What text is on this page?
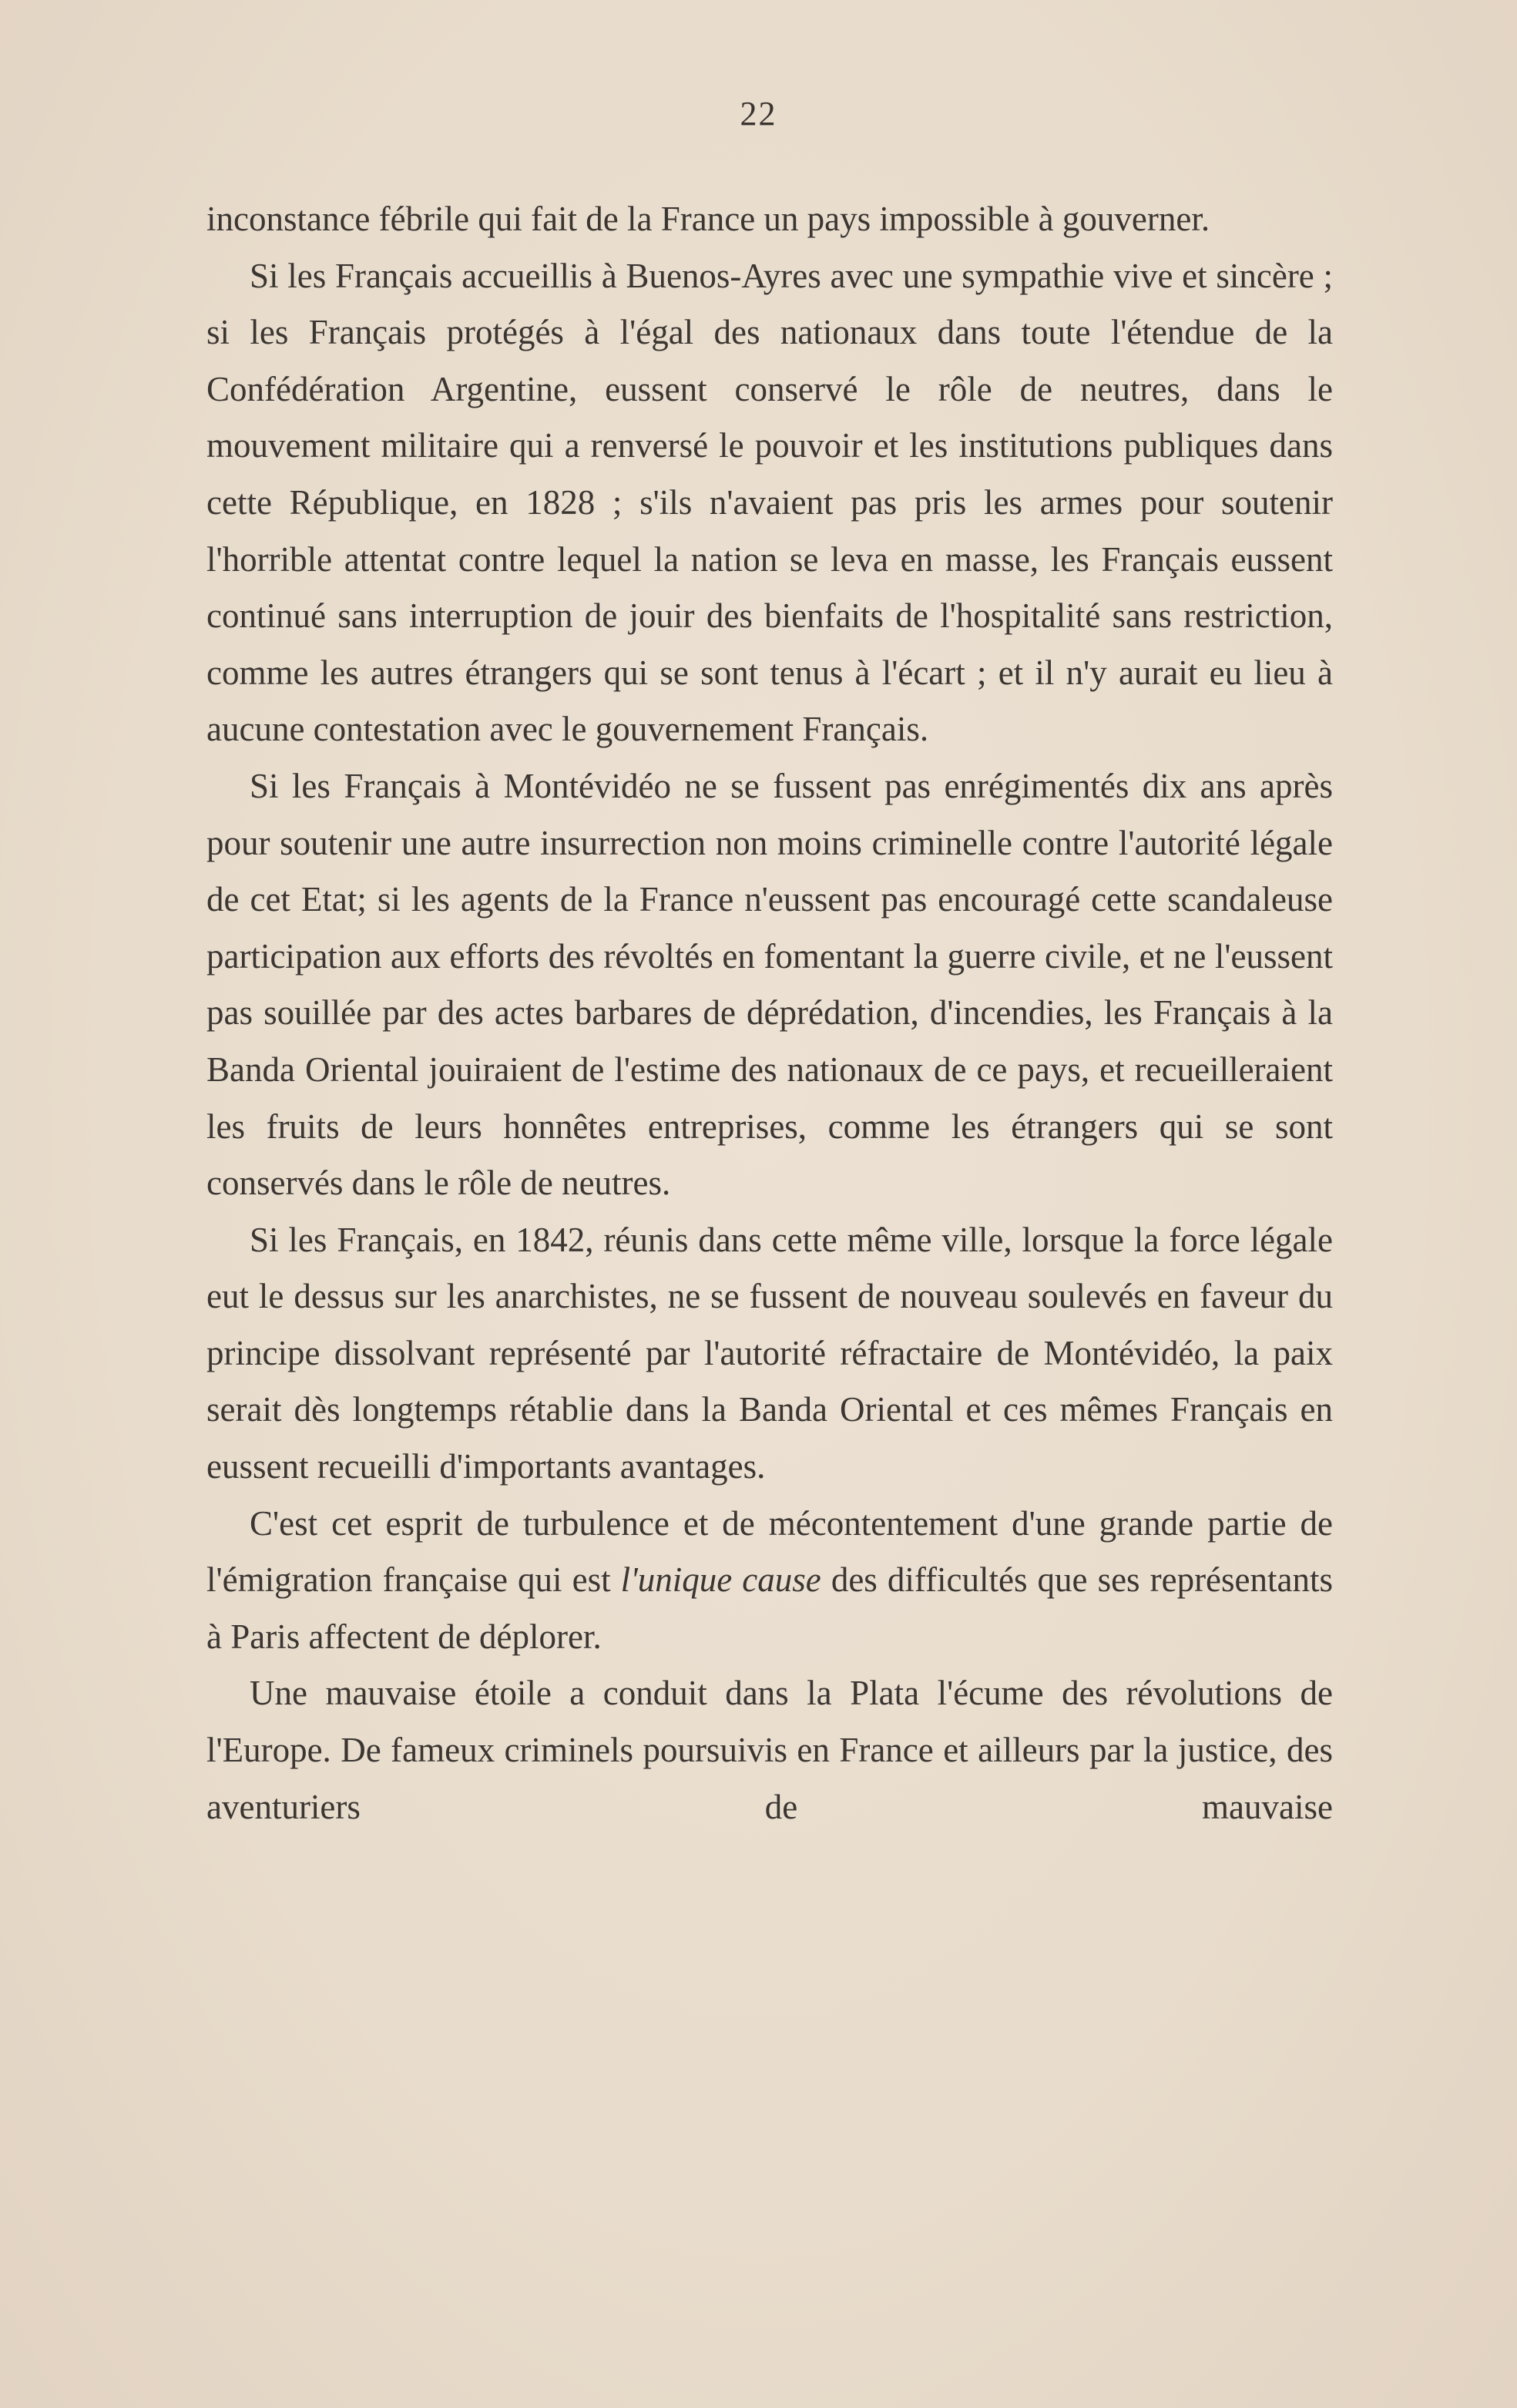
22

inconstance fébrile qui fait de la France un pays impossible à gouverner.

Si les Français accueillis à Buenos-Ayres avec une sympathie vive et sincère ; si les Français protégés à l'égal des nationaux dans toute l'étendue de la Confédération Argentine, eussent conservé le rôle de neutres, dans le mouvement militaire qui a renversé le pouvoir et les institutions publiques dans cette République, en 1828 ; s'ils n'avaient pas pris les armes pour soutenir l'horrible attentat contre lequel la nation se leva en masse, les Français eussent continué sans interruption de jouir des bienfaits de l'hospitalité sans restriction, comme les autres étrangers qui se sont tenus à l'écart ; et il n'y aurait eu lieu à aucune contestation avec le gouvernement Français.

Si les Français à Montévidéo ne se fussent pas enrégimentés dix ans après pour soutenir une autre insurrection non moins criminelle contre l'autorité légale de cet Etat; si les agents de la France n'eussent pas encouragé cette scandaleuse participation aux efforts des révoltés en fomentant la guerre civile, et ne l'eussent pas souillée par des actes barbares de déprédation, d'incendies, les Français à la Banda Oriental jouiraient de l'estime des nationaux de ce pays, et recueilleraient les fruits de leurs honnêtes entreprises, comme les étrangers qui se sont conservés dans le rôle de neutres.

Si les Français, en 1842, réunis dans cette même ville, lorsque la force légale eut le dessus sur les anarchistes, ne se fussent de nouveau soulevés en faveur du principe dissolvant représenté par l'autorité réfractaire de Montévidéo, la paix serait dès longtemps rétablie dans la Banda Oriental et ces mêmes Français en eussent recueilli d'importants avantages.

C'est cet esprit de turbulence et de mécontentement d'une grande partie de l'émigration française qui est l'unique cause des difficultés que ses représentants à Paris affectent de déplorer.

Une mauvaise étoile a conduit dans la Plata l'écume des révolutions de l'Europe. De fameux criminels poursuivis en France et ailleurs par la justice, des aventuriers de mauvaise
